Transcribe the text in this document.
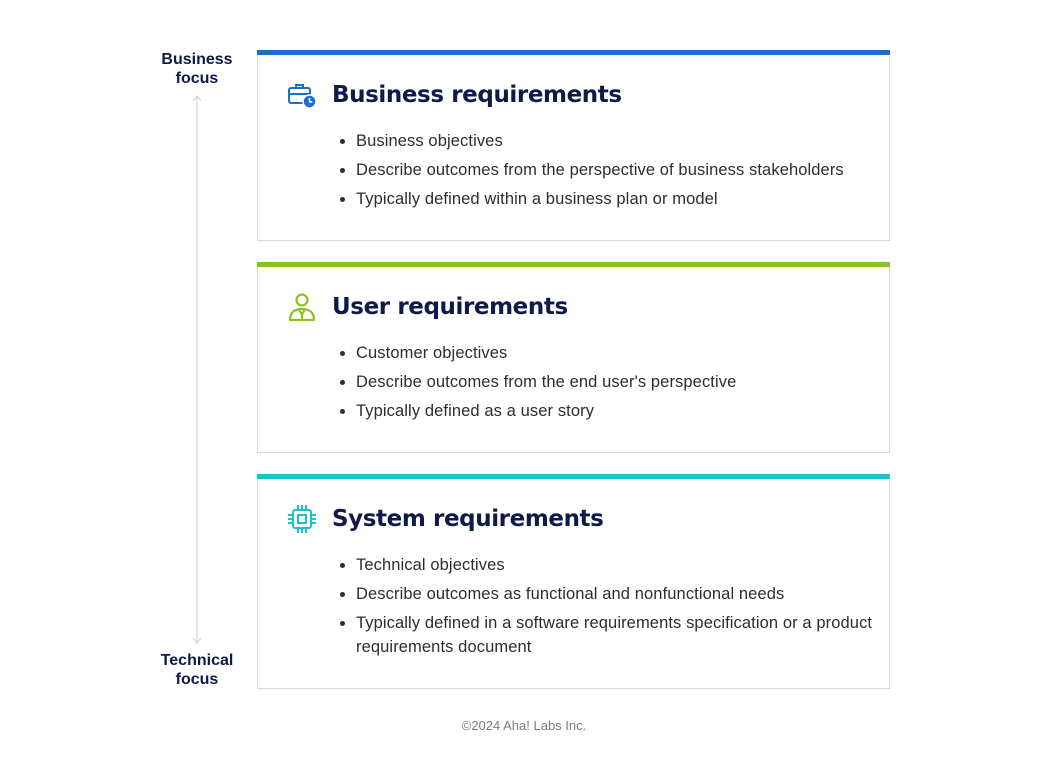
Business
focus
Technical
focus
Business requirements
• Business objectives
• Describe outcomes from the perspective of business stakeholders
• Typically defined within a business plan or model
User requirements
• Customer objectives
• Describe outcomes from the end user's perspective
• Typically defined as a user story
System requirements
• Technical objectives
• Describe outcomes as functional and nonfunctional needs
• Typically defined in a software requirements specification or a product requirements document
©2024 Aha! Labs Inc.
